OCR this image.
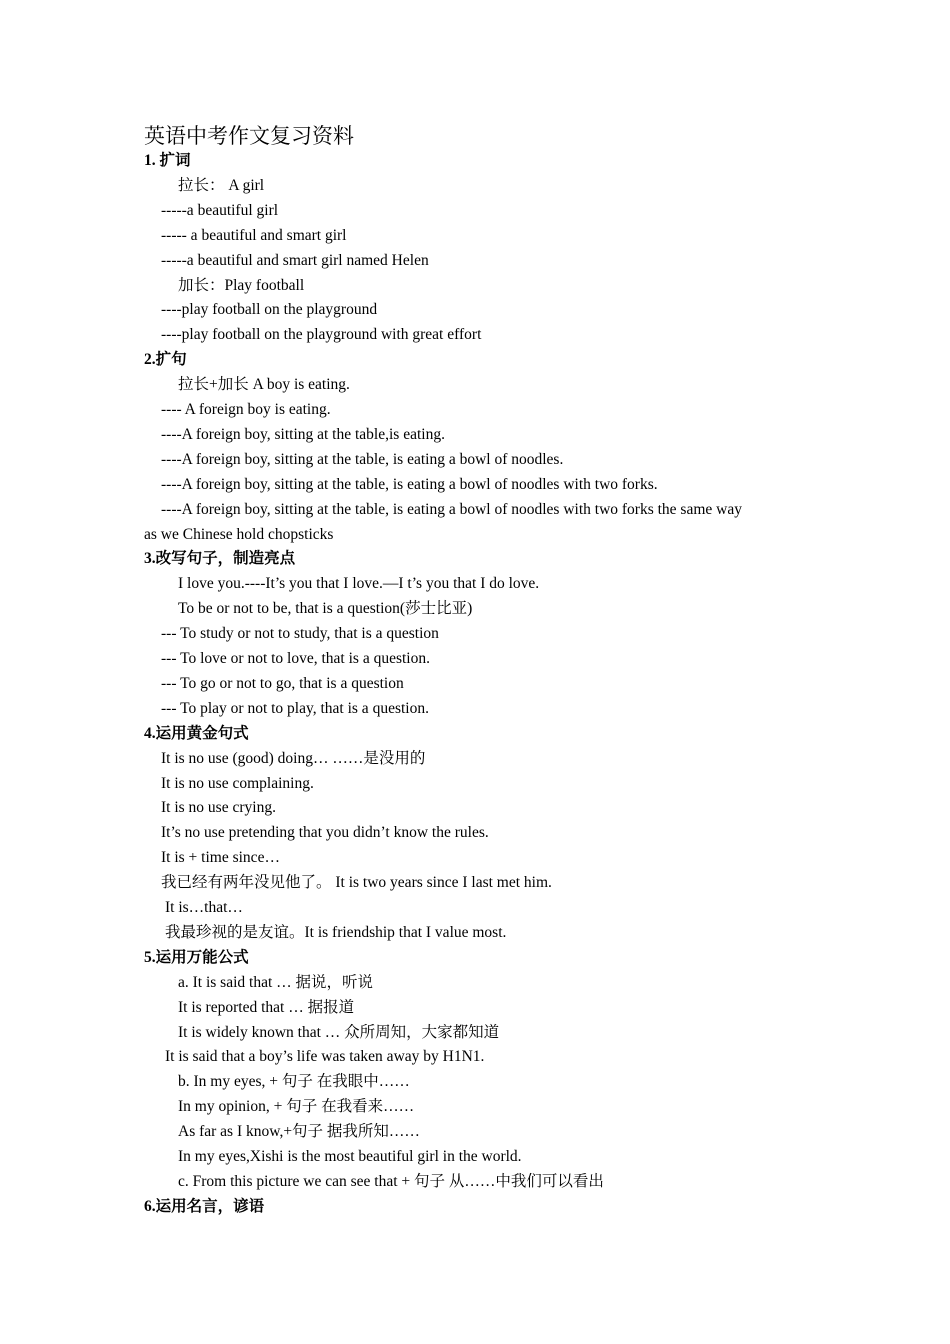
英语中考作文复习资料
1. 扩词
拉长： A girl
-----a beautiful girl
----- a beautiful and smart girl
-----a beautiful and smart girl named Helen
加长：Play football
----play football on the playground
----play football on the playground with great effort
2.扩句
拉长+加长 A boy is eating.
---- A foreign boy is eating.
----A foreign boy, sitting at the table,is eating.
----A foreign boy, sitting at the table, is eating a bowl of noodles.
----A foreign boy, sitting at the table, is eating a bowl of noodles with two forks.
----A foreign boy, sitting at the table, is eating a bowl of noodles with two forks the same way
as we Chinese hold chopsticks
3.改写句子，制造亮点
I love you.----It’s you that I love.—I t’s you that I do love.
To be or not to be, that is a question(莎士比亚)
--- To study or not to study, that is a question
--- To love or not to love, that is a question.
--- To go or not to go, that is a question
--- To play or not to play, that is a question.
4.运用黄金句式
It is no use (good) doing… ……是没用的
It is no use complaining.
It is no use crying.
It’s no use pretending that you didn’t know the rules.
It is + time since…
我已经有两年没见他了。 It is two years since I last met him.
It is…that…
我最珍视的是友谊。It is friendship that I value most.
5.运用万能公式
a. It is said that … 据说，听说
It is reported that … 据报道
It is widely known that … 众所周知，大家都知道
It is said that a boy’s life was taken away by H1N1.
b. In my eyes, + 句子 在我眼中……
In my opinion, + 句子 在我看来……
As far as I know,+句子 据我所知……
In my eyes,Xishi is the most beautiful girl in the world.
c. From this picture we can see that + 句子 从……中我们可以看出
6.运用名言，谚语
